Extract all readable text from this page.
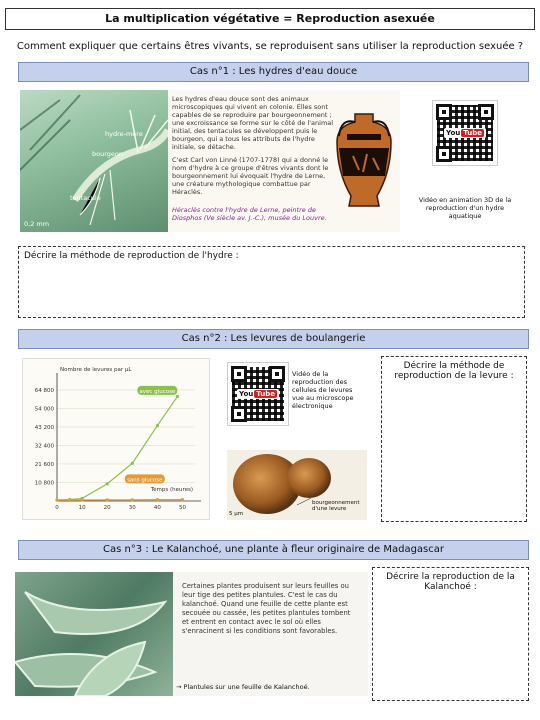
La multiplication végétative = Reproduction asexuée
Comment expliquer que certains êtres vivants, se reproduisent sans utiliser la reproduction sexuée ?
Cas n°1 : Les hydres d'eau douce
hydre-mère
bourgeon
tentacule
0,2 mm
Les hydres d'eau douce sont des animaux microscopiques qui vivent en colonie. Elles sont capables de se reproduire par bourgeonnement ; une excroissance se forme sur le côté de l'animal initial, des tentacules se développent puis le bourgeon, qui a tous les attributs de l'hydre initiale, se détache.
C'est Carl von Linné (1707-1778) qui a donné le nom d'hydre à ce groupe d'êtres vivants dont le bourgeonnement lui évoquait l'hydre de Lerne, une créature mythologique combattue par Héraclès.
Héraclès contre l'hydre de Lerne, peintre de Diosphos (Ve siècle av. J.-C.), musée du Louvre.
You Tube
Vidéo en animation 3D de la reproduction d'un hydre aquatique
Décrire la méthode de reproduction de l'hydre :
Cas n°2 : Les levures de boulangerie
64 800
54 000
43 200
32 400
21 600
10 800
0	10	20	30	40	50
Nombre de levures par µL
Temps (heures)
avec glucose
sans glucose
You Tube
Vidéo de la reproduction des cellules de levures vue au microscope électronique
bourgeonnement d'une levure
5 µm
Décrire la méthode de reproduction de la levure :
Cas n°3 : Le Kalanchoé, une plante à fleur originaire de Madagascar
Certaines plantes produisent sur leurs feuilles ou leur tige des petites plantules. C'est le cas du kalanchoé. Quand une feuille de cette plante est secouée ou cassée, les petites plantules tombent et entrent en contact avec le sol où elles s'enracinent si les conditions sont favorables.
→ Plantules sur une feuille de Kalanchoé.
Décrire la reproduction de la Kalanchoé :
